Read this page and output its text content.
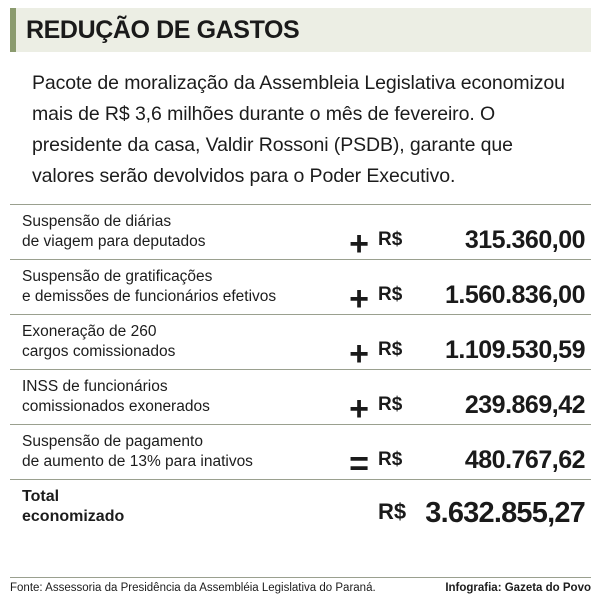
REDUÇÃO DE GASTOS
Pacote de moralização da Assembleia Legislativa economizou mais de R$ 3,6 milhões durante o mês de fevereiro. O presidente da casa, Valdir Rossoni (PSDB), garante que valores serão devolvidos para o Poder Executivo.
Suspensão de diárias
de viagem para deputados	+ R$	315.360,00
Suspensão de gratificações
e demissões de funcionários efetivos	+ R$	1.560.836,00
Exoneração de 260
cargos comissionados	+ R$	1.109.530,59
INSS de funcionários
comissionados exonerados	+ R$	239.869,42
Suspensão de pagamento
de aumento de 13% para inativos	= R$	480.767,62
Total
economizado	R$ 3.632.855,27
Fonte: Assessoria da Presidência da Assembléia Legislativa do Paraná.	Infografia: Gazeta do Povo
